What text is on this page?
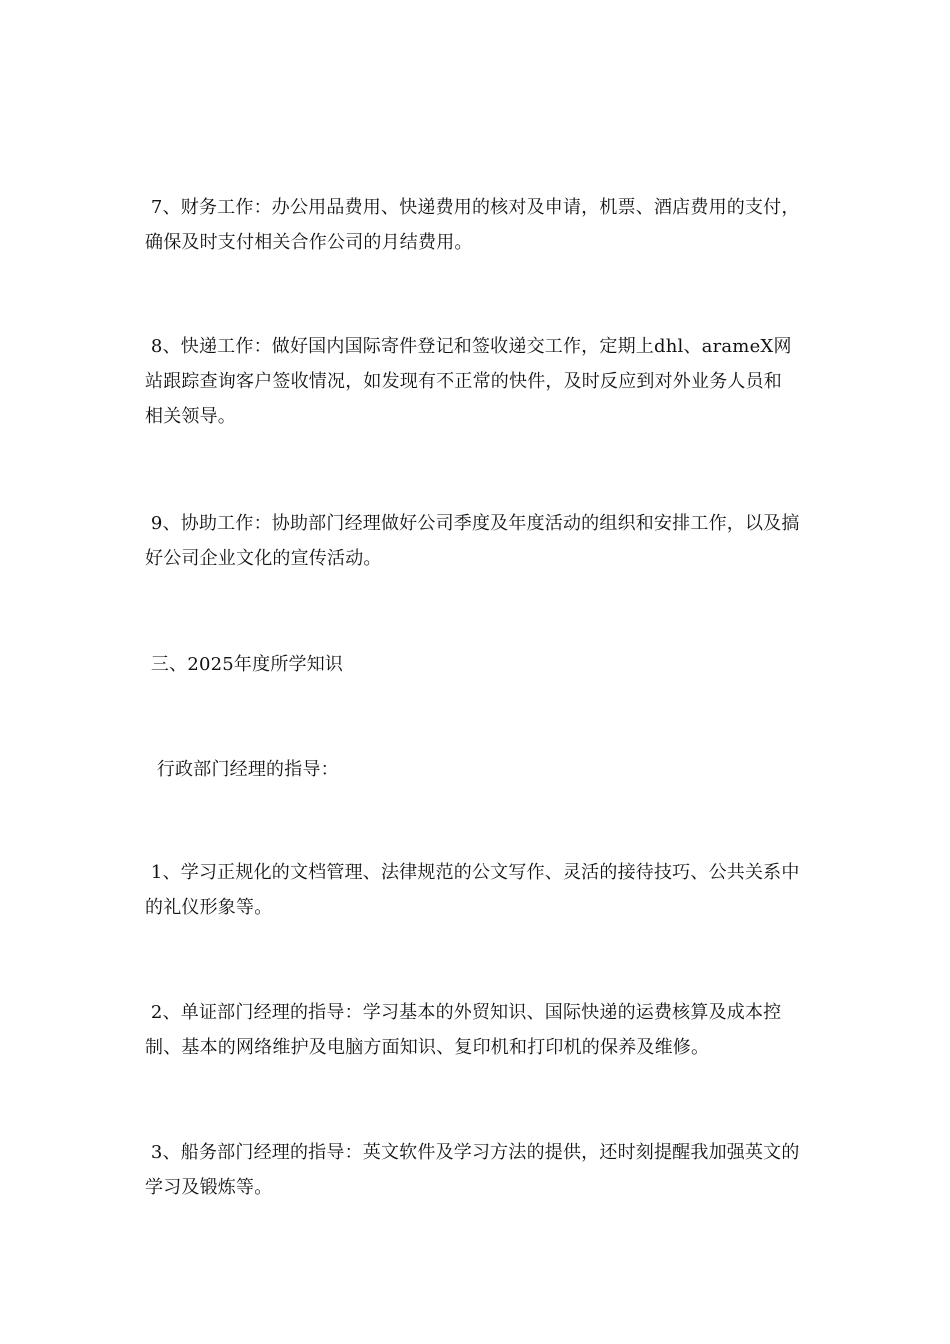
7、财务工作：办公用品费用、快递费用的核对及申请，机票、酒店费用的支付，确保及时支付相关合作公司的月结费用。

8、快递工作：做好国内国际寄件登记和签收递交工作，定期上dhl、arameX网站跟踪查询客户签收情况，如发现有不正常的快件，及时反应到对外业务人员和相关领导。

9、协助工作：协助部门经理做好公司季度及年度活动的组织和安排工作，以及搞好公司企业文化的宣传活动。

三、2025年度所学知识

行政部门经理的指导：

1、学习正规化的文档管理、法律规范的公文写作、灵活的接待技巧、公共关系中的礼仪形象等。

2、单证部门经理的指导：学习基本的外贸知识、国际快递的运费核算及成本控制、基本的网络维护及电脑方面知识、复印机和打印机的保养及维修。

3、船务部门经理的指导：英文软件及学习方法的提供，还时刻提醒我加强英文的学习及锻炼等。
